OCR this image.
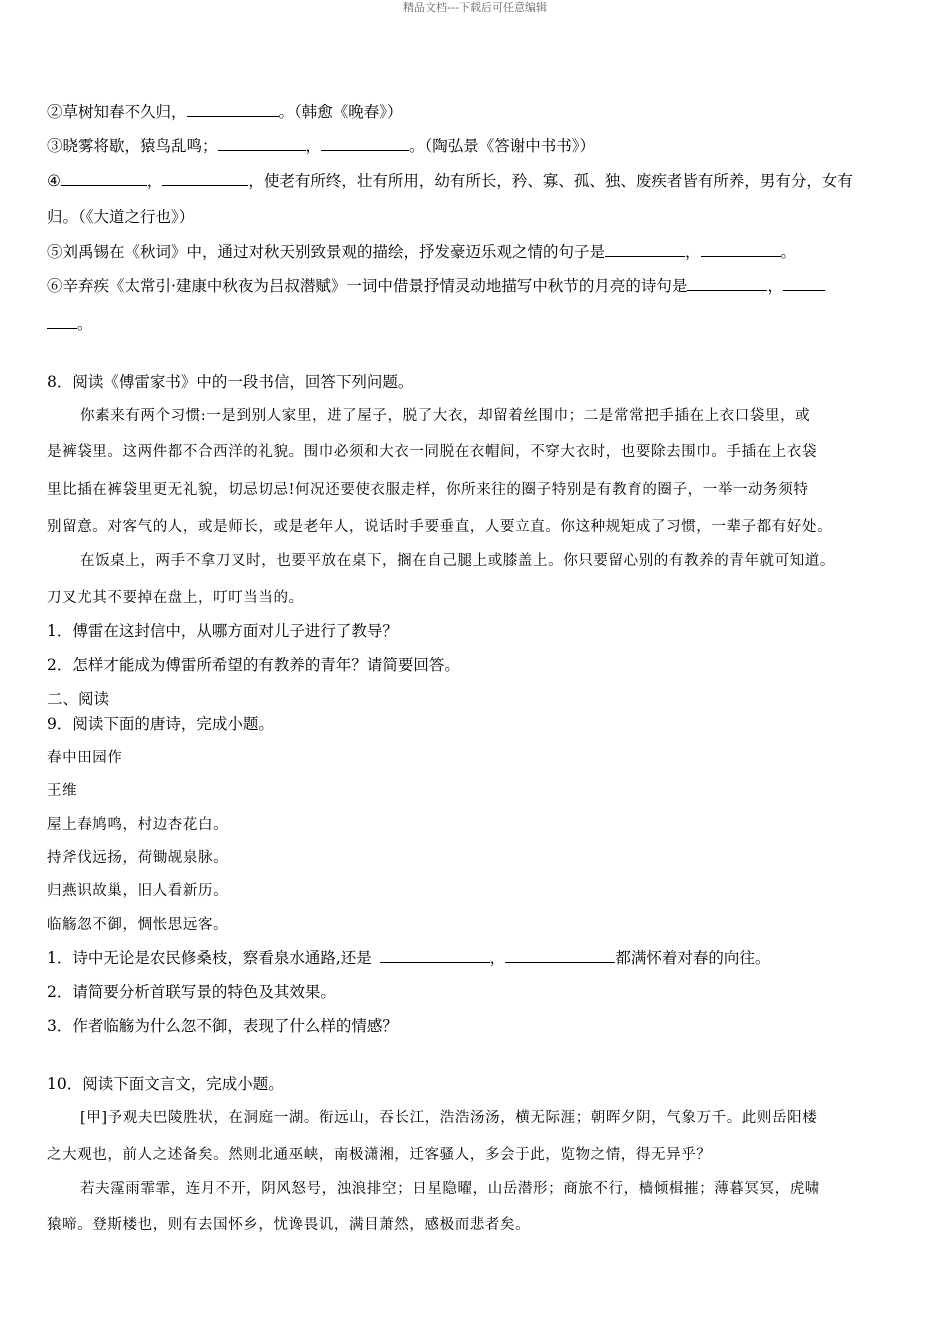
精品文档---下载后可任意编辑
②草树知春不久归，	。（韩愈《晚春》）
③晓雾将歇，猿鸟乱鸣；	，	。（陶弘景《答谢中书书》）
④	，	，使老有所终，壮有所用，幼有所长，矜、寡、孤、独、废疾者皆有所养，男有分，女有
归。（《大道之行也》）
⑤刘禹锡在《秋词》中，通过对秋天别致景观的描绘，抒发豪迈乐观之情的句子是	，	。
⑥辛弃疾《太常引·建康中秋夜为吕叔潜赋》一词中借景抒情灵动地描写中秋节的月亮的诗句是	，
。
8．阅读《傅雷家书》中的一段书信，回答下列问题。
你素来有两个习惯:一是到别人家里，进了屋子，脱了大衣，却留着丝围巾；二是常常把手插在上衣口袋里，或
是裤袋里。这两件都不合西洋的礼貌。围巾必须和大衣一同脱在衣帽间，不穿大衣时，也要除去围巾。手插在上衣袋
里比插在裤袋里更无礼貌，切忌切忌!何况还要使衣服走样，你所来往的圈子特别是有教育的圈子，一举一动务须特
别留意。对客气的人，或是师长，或是老年人，说话时手要垂直，人要立直。你这种规矩成了习惯，一辈子都有好处。
在饭桌上，两手不拿刀叉时，也要平放在桌下，搁在自己腿上或膝盖上。你只要留心别的有教养的青年就可知道。
刀叉尤其不要掉在盘上，叮叮当当的。
1．傅雷在这封信中，从哪方面对儿子进行了教导？
2．怎样才能成为傅雷所希望的有教养的青年？请简要回答。
二、阅读
9．阅读下面的唐诗，完成小题。
春中田园作
王维
屋上春鸠鸣，村边杏花白。
持斧伐远扬，荷锄觇泉脉。
归燕识故巢，旧人看新历。
临觞忽不御，惆怅思远客。
1．诗中无论是农民修桑枝，察看泉水通路,还是	，	都满怀着对春的向往。
2．请简要分析首联写景的特色及其效果。
3．作者临觞为什么忽不御，表现了什么样的情感？
10．阅读下面文言文，完成小题。
[甲]予观夫巴陵胜状，在洞庭一湖。衔远山，吞长江，浩浩汤汤，横无际涯；朝晖夕阴，气象万千。此则岳阳楼
之大观也，前人之述备矣。然则北通巫峡，南极潇湘，迁客骚人，多会于此，览物之情，得无异乎？
若夫霪雨霏霏，连月不开，阴风怒号，浊浪排空；日星隐曜，山岳潜形；商旅不行，樯倾楫摧；薄暮冥冥，虎啸
猿啼。登斯楼也，则有去国怀乡，忧谗畏讥，满目萧然，感极而悲者矣。
